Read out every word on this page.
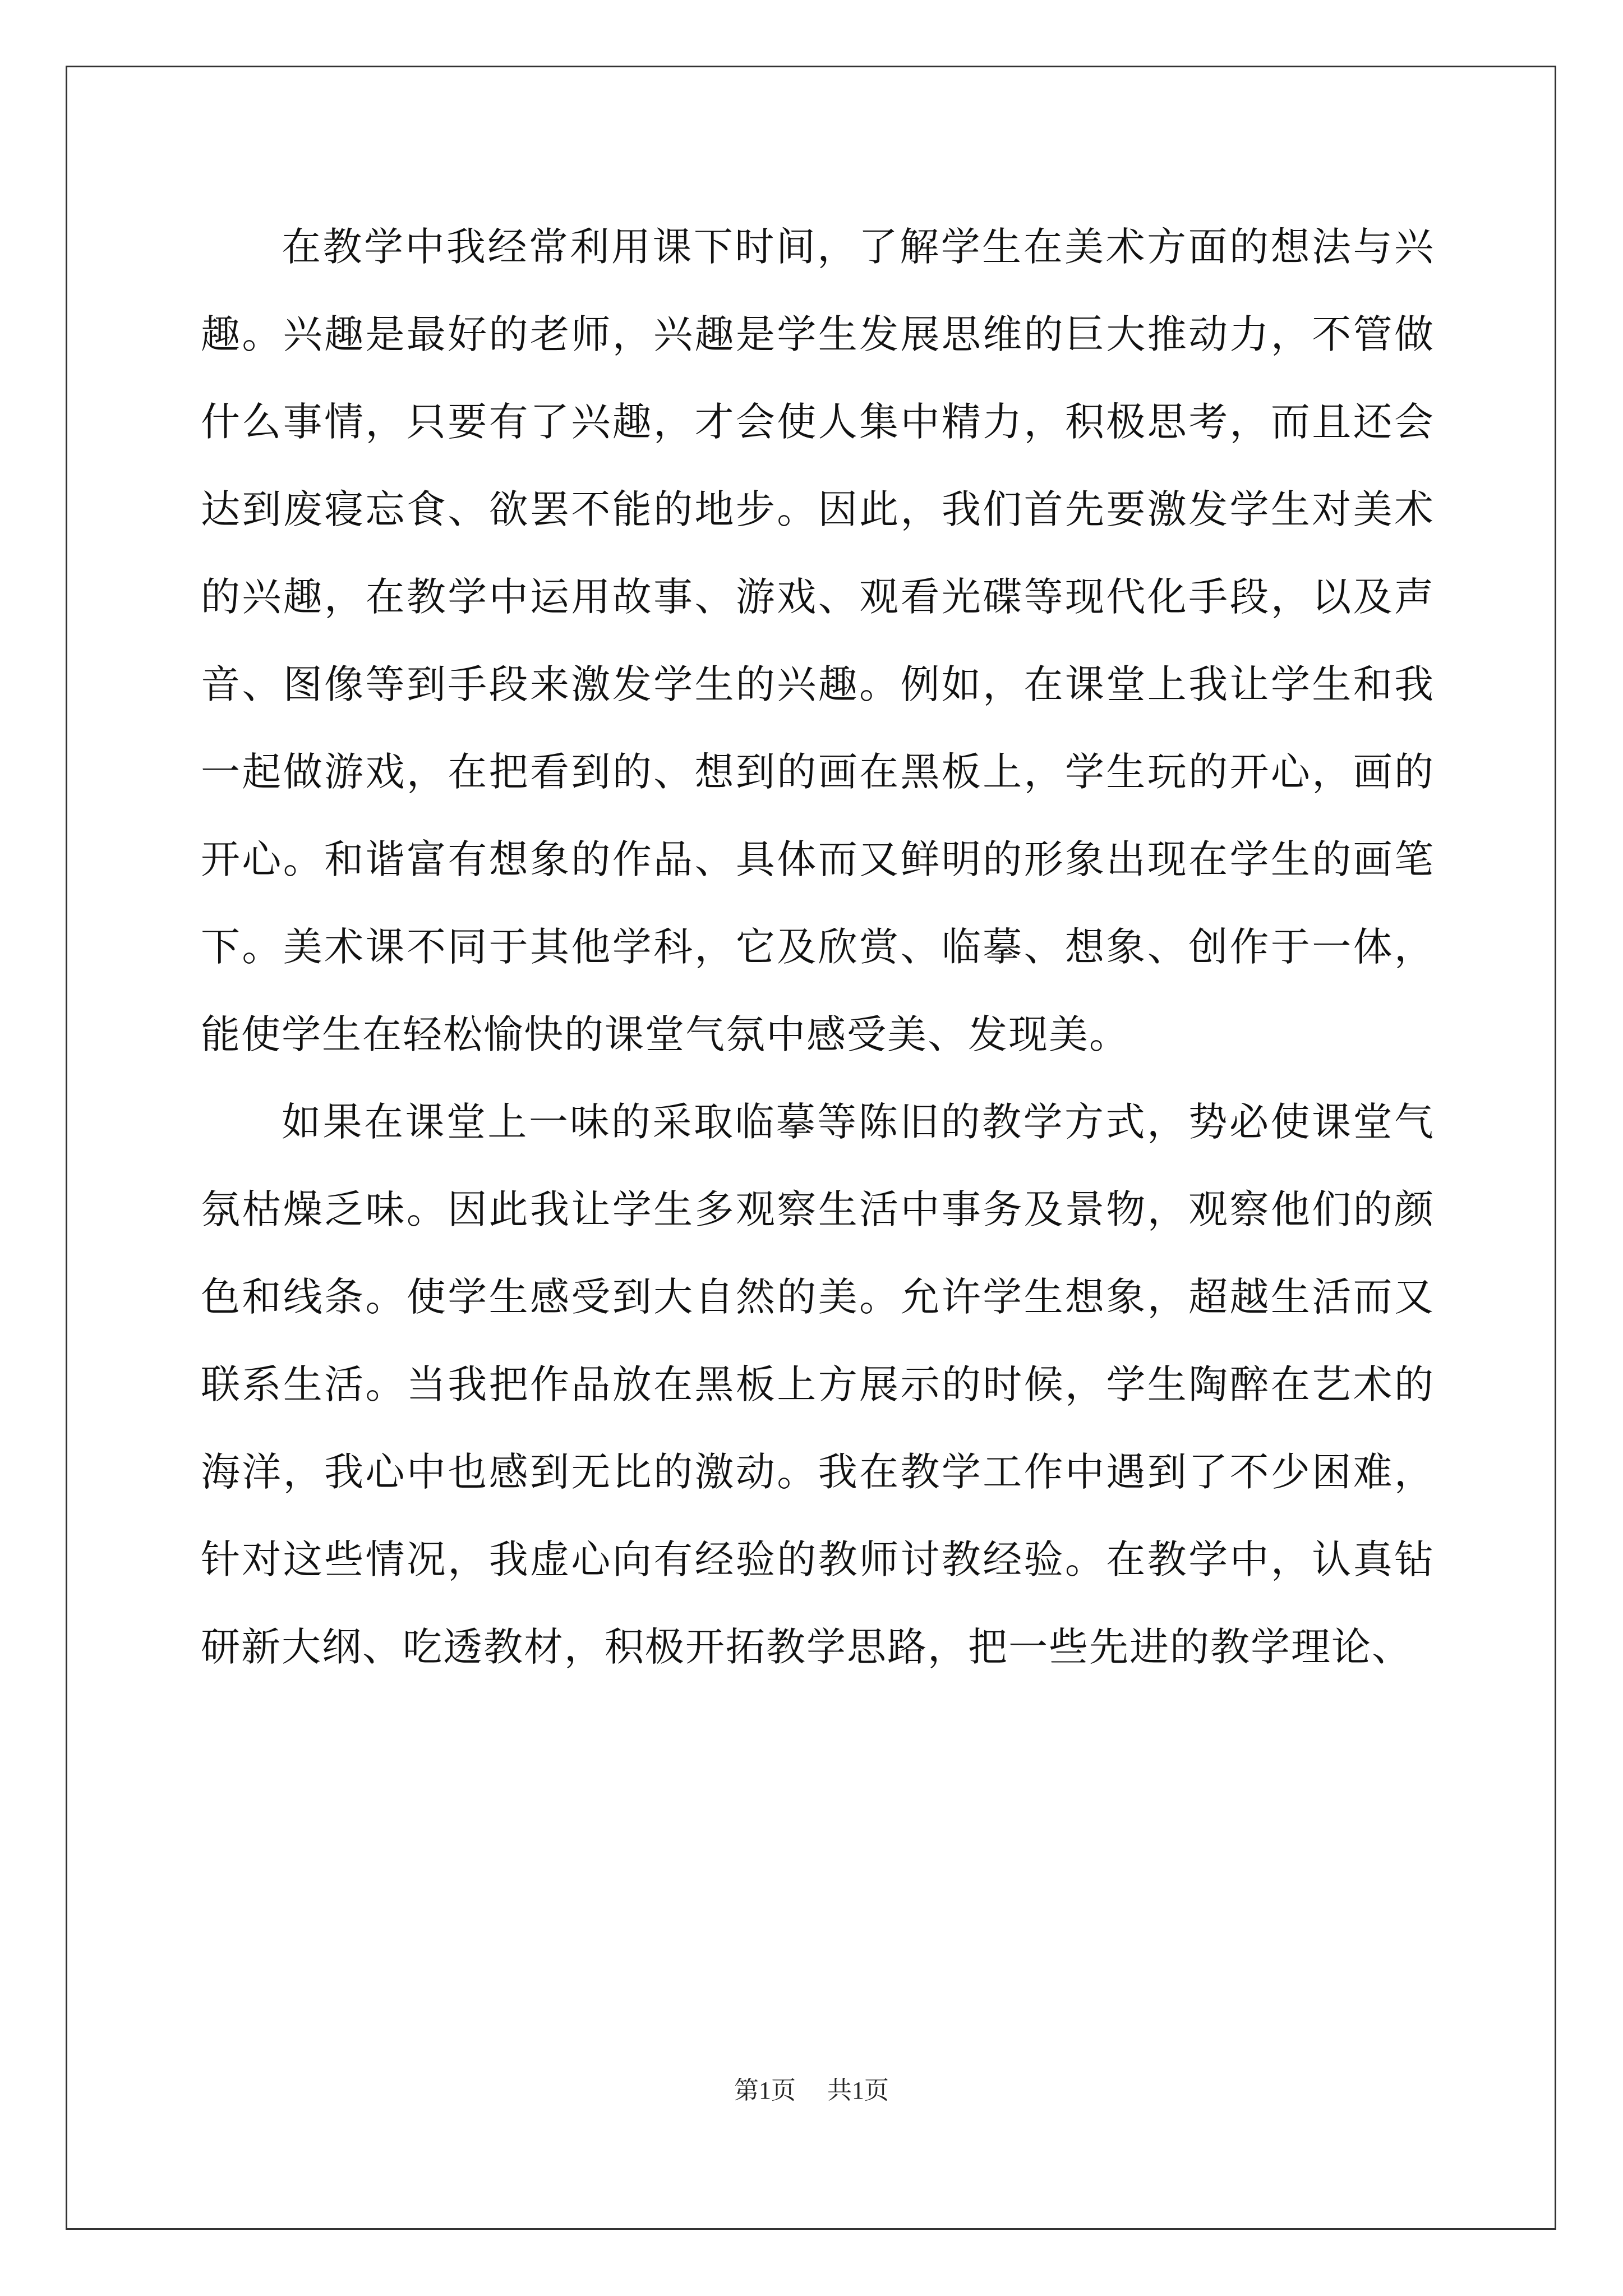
在教学中我经常利用课下时间，了解学生在美术方面的想法与兴趣。兴趣是最好的老师，兴趣是学生发展思维的巨大推动力，不管做什么事情，只要有了兴趣，才会使人集中精力，积极思考，而且还会达到废寝忘食、欲罢不能的地步。因此，我们首先要激发学生对美术的兴趣，在教学中运用故事、游戏、观看光碟等现代化手段，以及声音、图像等到手段来激发学生的兴趣。例如，在课堂上我让学生和我一起做游戏，在把看到的、想到的画在黑板上，学生玩的开心，画的开心。和谐富有想象的作品、具体而又鲜明的形象出现在学生的画笔下。美术课不同于其他学科，它及欣赏、临摹、想象、创作于一体，能使学生在轻松愉快的课堂气氛中感受美、发现美。

如果在课堂上一味的采取临摹等陈旧的教学方式，势必使课堂气氛枯燥乏味。因此我让学生多观察生活中事务及景物，观察他们的颜色和线条。使学生感受到大自然的美。允许学生想象，超越生活而又联系生活。当我把作品放在黑板上方展示的时候，学生陶醉在艺术的海洋，我心中也感到无比的激动。我在教学工作中遇到了不少困难，针对这些情况，我虚心向有经验的教师讨教经验。在教学中，认真钻研新大纲、吃透教材，积极开拓教学思路，把一些先进的教学理论、

第1页 共1页
